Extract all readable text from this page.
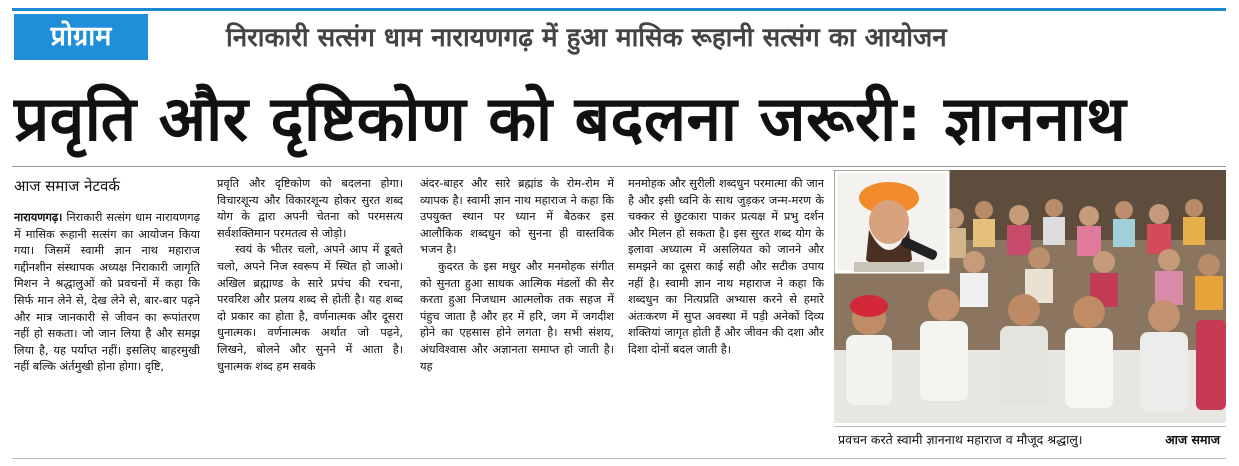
प्रोग्राम	निराकारी सत्संग धाम नारायणगढ़ में हुआ मासिक रूहानी सत्संग का आयोजन
प्रवृति और दृष्टिकोण को बदलना जरूरी: ज्ञाननाथ
आज समाज नेटवर्क

नारायणगढ़। निराकारी सत्संग धाम नारायणगढ़ में मासिक रूहानी सत्संग का आयोजन किया गया। जिसमें स्वामी ज्ञान नाथ महाराज गद्दीनशीन संस्थापक अध्यक्ष निराकारी जागृति मिशन ने श्रद्धालुओं को प्रवचनों में कहा कि सिर्फ मान लेने से, देख लेने से, बार-बार पढ़ने और मात्र जानकारी से जीवन का रूपांतरण नहीं हो सकता। जो जान लिया है और समझ लिया है, यह पर्याप्त नहीं। इसलिए बाहरमुखी नहीं बल्कि अंर्तमुखी होना होगा। दृष्टि,

प्रवृति और दृष्टिकोण को बदलना होगा। विचारशून्य और विकारशून्य होकर सुरत शब्द योग के द्वारा अपनी चेतना को परमसत्य सर्वशक्तिमान परमतत्व से जोड़ो।

स्वयं के भीतर चलो, अपने आप में डूबते चलो, अपने निज स्वरूप में स्थित हो जाओ। अखिल ब्रह्माण्ड के सारे प्रपंच की रचना, परवरिश और प्रलय शब्द से होती है। यह शब्द दो प्रकार का होता है, वर्णनात्मक और दूसरा धुनात्मक। वर्णनात्मक अर्थात जो पढ़ने, लिखने, बोलने और सुनने में आता है। धुनात्मक शब्द हम सबके

अंदर-बाहर और सारे ब्रह्मांड के रोम-रोम में व्यापक है। स्वामी ज्ञान नाथ महाराज ने कहा कि उपयुक्त स्थान पर ध्यान में बैठकर इस आलौकिक शब्दधुन को सुनना ही वास्तविक भजन है।

कुदरत के इस मधुर और मनमोहक संगीत को सुनता हुआ साधक आत्मिक मंडलों की सैर करता हुआ निजधाम आत्मलोक तक सहज में पंहुच जाता है और हर में हरि, जग में जगदीश होने का एहसास होने लगता है। सभी संशय, अंधविश्वास और अज्ञानता समाप्त हो जाती है। यह

मनमोहक और सुरीली शब्दधुन परमात्मा की जान है और इसी ध्वनि के साथ जुड़कर जन्म-मरण के चक्कर से छुटकारा पाकर प्रत्यक्ष में प्रभु दर्शन और मिलन हो सकता है। इस सुरत शब्द योग के इलावा अध्यात्म में असलियत को जानने और समझने का दूसरा काई सही और सटीक उपाय नहीं है। स्वामी ज्ञान नाथ महाराज ने कहा कि शब्दधुन का नित्यप्रति अभ्यास करने से हमारे अंतःकरण में सुप्त अवस्था में पड़ी अनेकों दिव्य शक्तियां जागृत होती हैं और जीवन की दशा और दिशा दोनों बदल जाती है।

प्रवचन करते स्वामी ज्ञाननाथ महाराज व मौजूद श्रद्धालु।	आज समाज
